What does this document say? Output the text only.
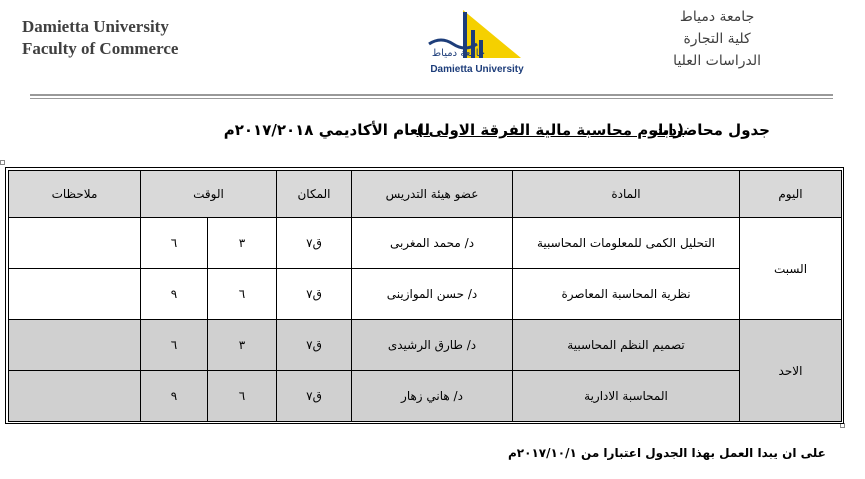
Damietta University
Faculty of Commerce
جامعة دمياط
كلية التجارة
الدراسات العليا
جامعة دمياط
Damietta University
جدول محاضرات
(دبلوم محاسبة مالية الفرقة الاولى )
للعام الأكاديمي ٢٠١٧/٢٠١٨م
اليوم	المادة	عضو هيئة التدريس	المكان	الوقت		ملاحظات
السبت	التحليل الكمى للمعلومات المحاسبية	د/ محمد المغربى	ق٧	٣	٦	
	نظرية المحاسبة المعاصرة	د/ حسن الموازينى	ق٧	٦	٩	
الاحد	تصميم النظم المحاسبية	د/ طارق الرشيدى	ق٧	٣	٦	
	المحاسبة الادارية	د/ هاني زهار	ق٧	٦	٩	
على ان يبدا العمل بهذا الجدول اعتبارا من ٢٠١٧/١٠/١م
